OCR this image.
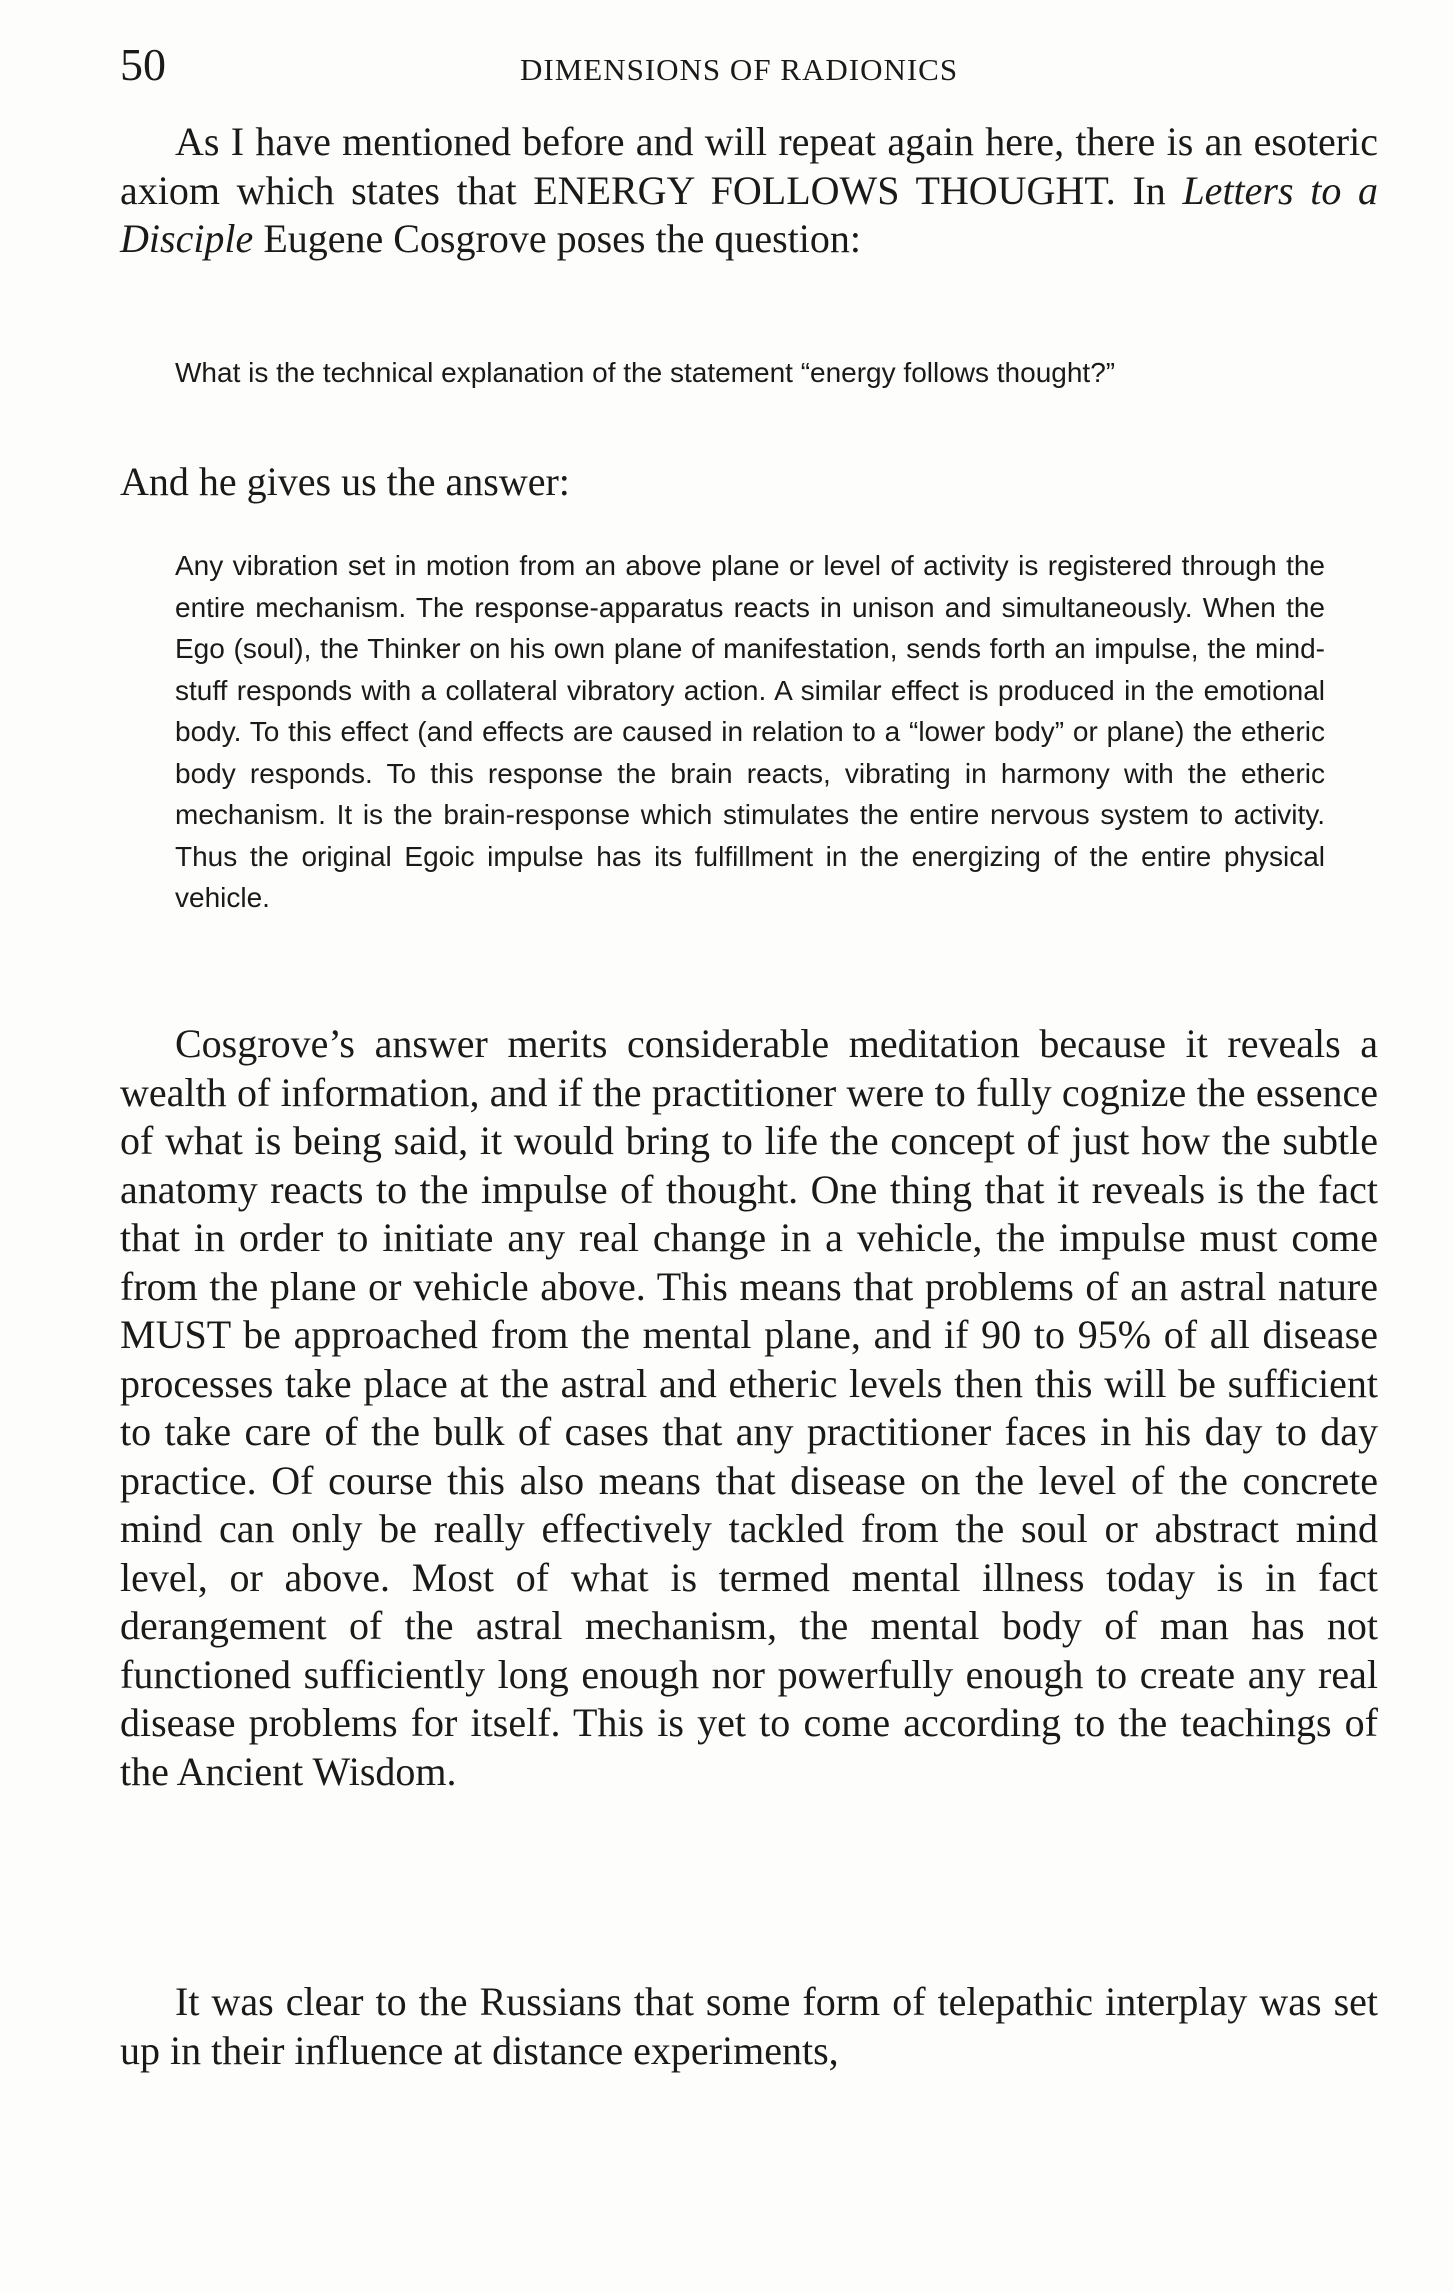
50	DIMENSIONS OF RADIONICS

As I have mentioned before and will repeat again here, there is an esoteric axiom which states that ENERGY FOLLOWS THOUGHT. In Letters to a Disciple Eugene Cosgrove poses the question:

What is the technical explanation of the statement “energy follows thought?”

And he gives us the answer:

Any vibration set in motion from an above plane or level of activity is registered through the entire mechanism. The response-apparatus reacts in unison and simultaneously. When the Ego (soul), the Thinker on his own plane of manifestation, sends forth an impulse, the mind-stuff responds with a collateral vibratory action. A similar effect is produced in the emotional body. To this effect (and effects are caused in relation to a “lower body” or plane) the etheric body responds. To this response the brain reacts, vibrating in harmony with the etheric mechanism. It is the brain-response which stimulates the entire nervous system to activity. Thus the original Egoic impulse has its fulfillment in the energizing of the entire physical vehicle.

Cosgrove’s answer merits considerable meditation because it reveals a wealth of information, and if the practitioner were to fully cognize the essence of what is being said, it would bring to life the concept of just how the subtle anatomy reacts to the impulse of thought. One thing that it reveals is the fact that in order to initiate any real change in a vehicle, the impulse must come from the plane or vehicle above. This means that problems of an astral nature MUST be approached from the mental plane, and if 90 to 95% of all disease processes take place at the astral and etheric levels then this will be sufficient to take care of the bulk of cases that any practitioner faces in his day to day practice. Of course this also means that disease on the level of the concrete mind can only be really effectively tackled from the soul or abstract mind level, or above. Most of what is termed mental illness today is in fact derangement of the astral mechanism, the mental body of man has not functioned sufficiently long enough nor powerfully enough to create any real disease problems for itself. This is yet to come according to the teachings of the Ancient Wisdom.

It was clear to the Russians that some form of telepathic interplay was set up in their influence at distance experiments,
